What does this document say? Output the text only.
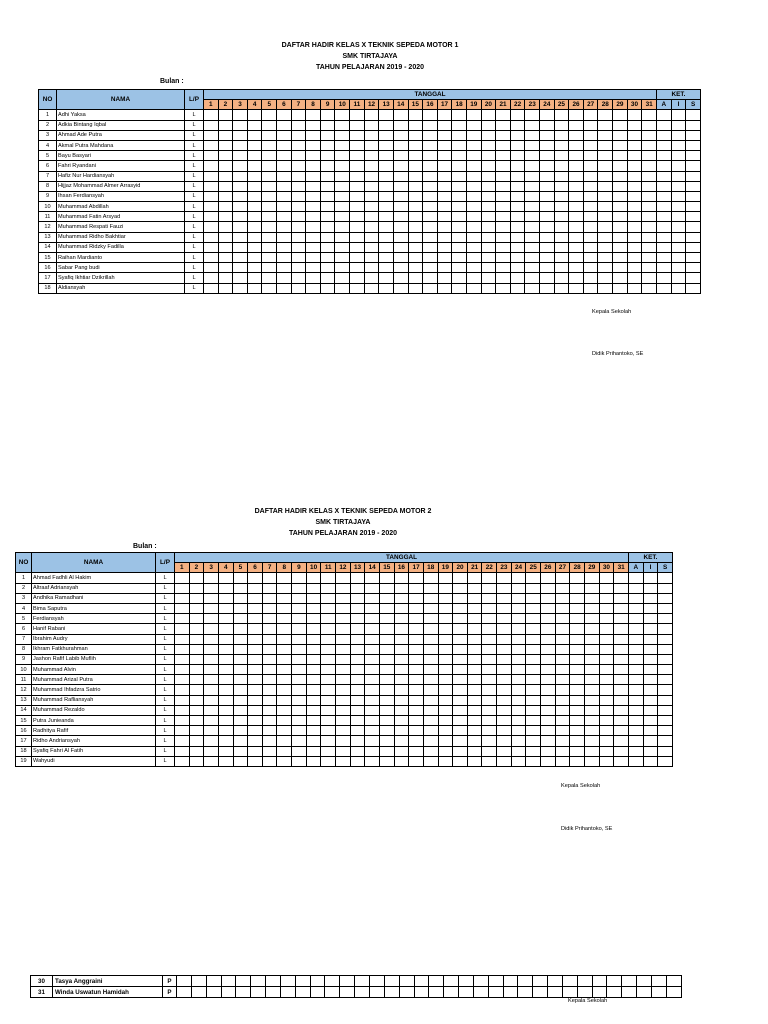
DAFTAR HADIR KELAS X TEKNIK SEPEDA MOTOR 1
SMK TIRTAJAYA
TAHUN PELAJARAN 2019 - 2020
Bulan :
NO	NAMA	L/P	TANGGAL																															KET.		
			1	2	3	4	5	6	7	8	9	10	11	12	13	14	15	16	17	18	19	20	21	22	23	24	25	26	27	28	29	30	31	A	I	S
1	Adhi Yaksa	L																																		
2	Adkia Bintang Iqbal	L																																		
3	Ahmad Ade Putra	L																																		
4	Akmal Putra Mahdana	L																																		
5	Bayu Basyari	L																																		
6	Fahri Ryandani	L																																		
7	Hafiz Nur Hardiansyah	L																																		
8	Hijjaz Mohammad Almer Arrasyid	L																																		
9	Ihsan Ferdiansyah	L																																		
10	Muhammad Abdillah	L																																		
11	Muhammad Fatin Arsyad	L																																		
12	Muhammad Respati Fauzi	L																																		
13	Muhammad Ridho Bakhtiar	L																																		
14	Muhammad Ridzky Fadilla	L																																		
15	Raihan Mardianto	L																																		
16	Sabar Pang budi	L																																		
17	Syafiq Ikhtiar Dzikrillah	L																																		
18	Aldiansyah	L																																		
Kepala Sekolah
Didik Prihantoko, SE
DAFTAR HADIR KELAS X TEKNIK SEPEDA MOTOR 2
SMK TIRTAJAYA
TAHUN PELAJARAN 2019 - 2020
Bulan :
NO	NAMA	L/P	TANGGAL																															KET.		
			1	2	3	4	5	6	7	8	9	10	11	12	13	14	15	16	17	18	19	20	21	22	23	24	25	26	27	28	29	30	31	A	I	S
1	Ahmad Fadhli Al Hakim	L																																		
2	Altraaf Adriansyah	L																																		
3	Andhika Ramadhani	L																																		
4	Bima Saputra	L																																		
5	Ferdiansyah	L																																		
6	Hanif Rabani	L																																		
7	Ibrahim Audry	L																																		
8	Ikhram Fatkhurahman	L																																		
9	Jashon Rafif Labib Muflih	L																																		
10	Muhammad Alvin	L																																		
11	Muhammad Arizal Putra	L																																		
12	Muhammad Ihfadzra Satrio	L																																		
13	Muhammad Rafliansyah	L																																		
14	Muhammad Rezaldo	L																																		
15	Putra Junieanda	L																																		
16	Radhitya Rafif	L																																		
17	Ridho Andriansyah	L																																		
18	Syafiq Fahri Al Fatih	L																																		
19	Wahyudi	L																																		
Kepala Sekolah
Didik Prihantoko, SE
30	Tasya Anggraini	P																																		
31	Winda Uswatun Hamidah	P																																		
Kepala Sekolah
